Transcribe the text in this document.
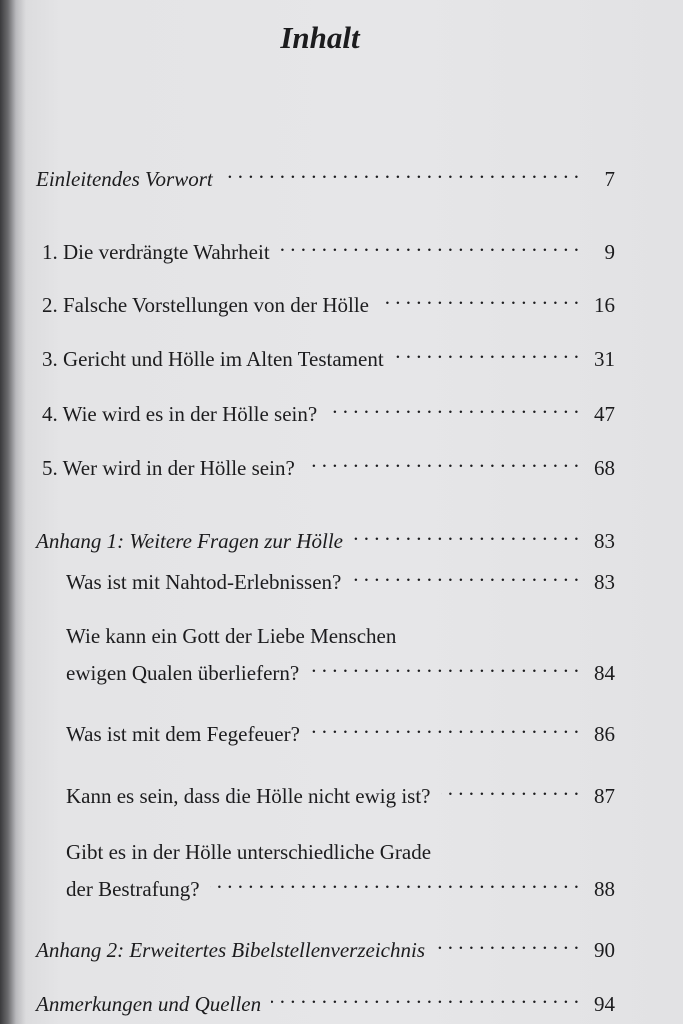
Inhalt
Einleitendes Vorwort . . .	7
1. Die verdrängte Wahrheit . . .	9
2. Falsche Vorstellungen von der Hölle . . .	16
3. Gericht und Hölle im Alten Testament . . .	31
4. Wie wird es in der Hölle sein? . . .	47
5. Wer wird in der Hölle sein? . . .	68
Anhang 1: Weitere Fragen zur Hölle . . .	83
Was ist mit Nahtod-Erlebnissen? . . .	83
Wie kann ein Gott der Liebe Menschen
ewigen Qualen überliefern? . . .	84
Was ist mit dem Fegefeuer? . . .	86
Kann es sein, dass die Hölle nicht ewig ist? . . .	87
Gibt es in der Hölle unterschiedliche Grade
der Bestrafung? . . .	88
Anhang 2: Erweitertes Bibelstellenverzeichnis . . .	90
Anmerkungen und Quellen . . .	94
